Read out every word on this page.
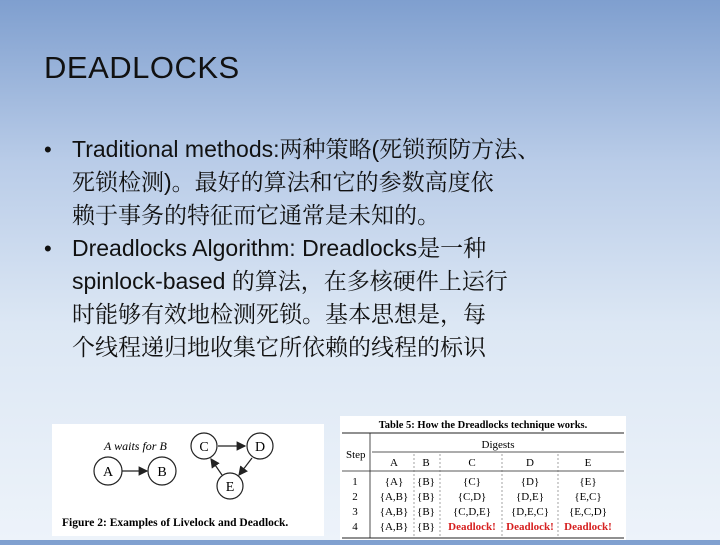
DEADLOCKS
• Traditional methods:两种策略(死锁预防方法、
死锁检测)。最好的算法和它的参数高度依
赖于事务的特征而它通常是未知的。
• Dreadlocks Algorithm: Dreadlocks是一种
spinlock-based 的算法，在多核硬件上运行
时能够有效地检测死锁。基本思想是，每
个线程递归地收集它所依赖的线程的标识
A waits for B
A	B
C	D
E
Figure 2: Examples of Livelock and Deadlock.
Table 5: How the Dreadlocks technique works.
Step
Digests
A B	C	D	E
1 {A} {B}	{C}	{D}	{E}
2 {A,B} {B} {C,D}	{D,E}	{E,C}
3 {A,B} {B} {C,D,E} {D,E,C} {E,C,D}
4 {A,B} {B} Deadlock! Deadlock! Deadlock!
